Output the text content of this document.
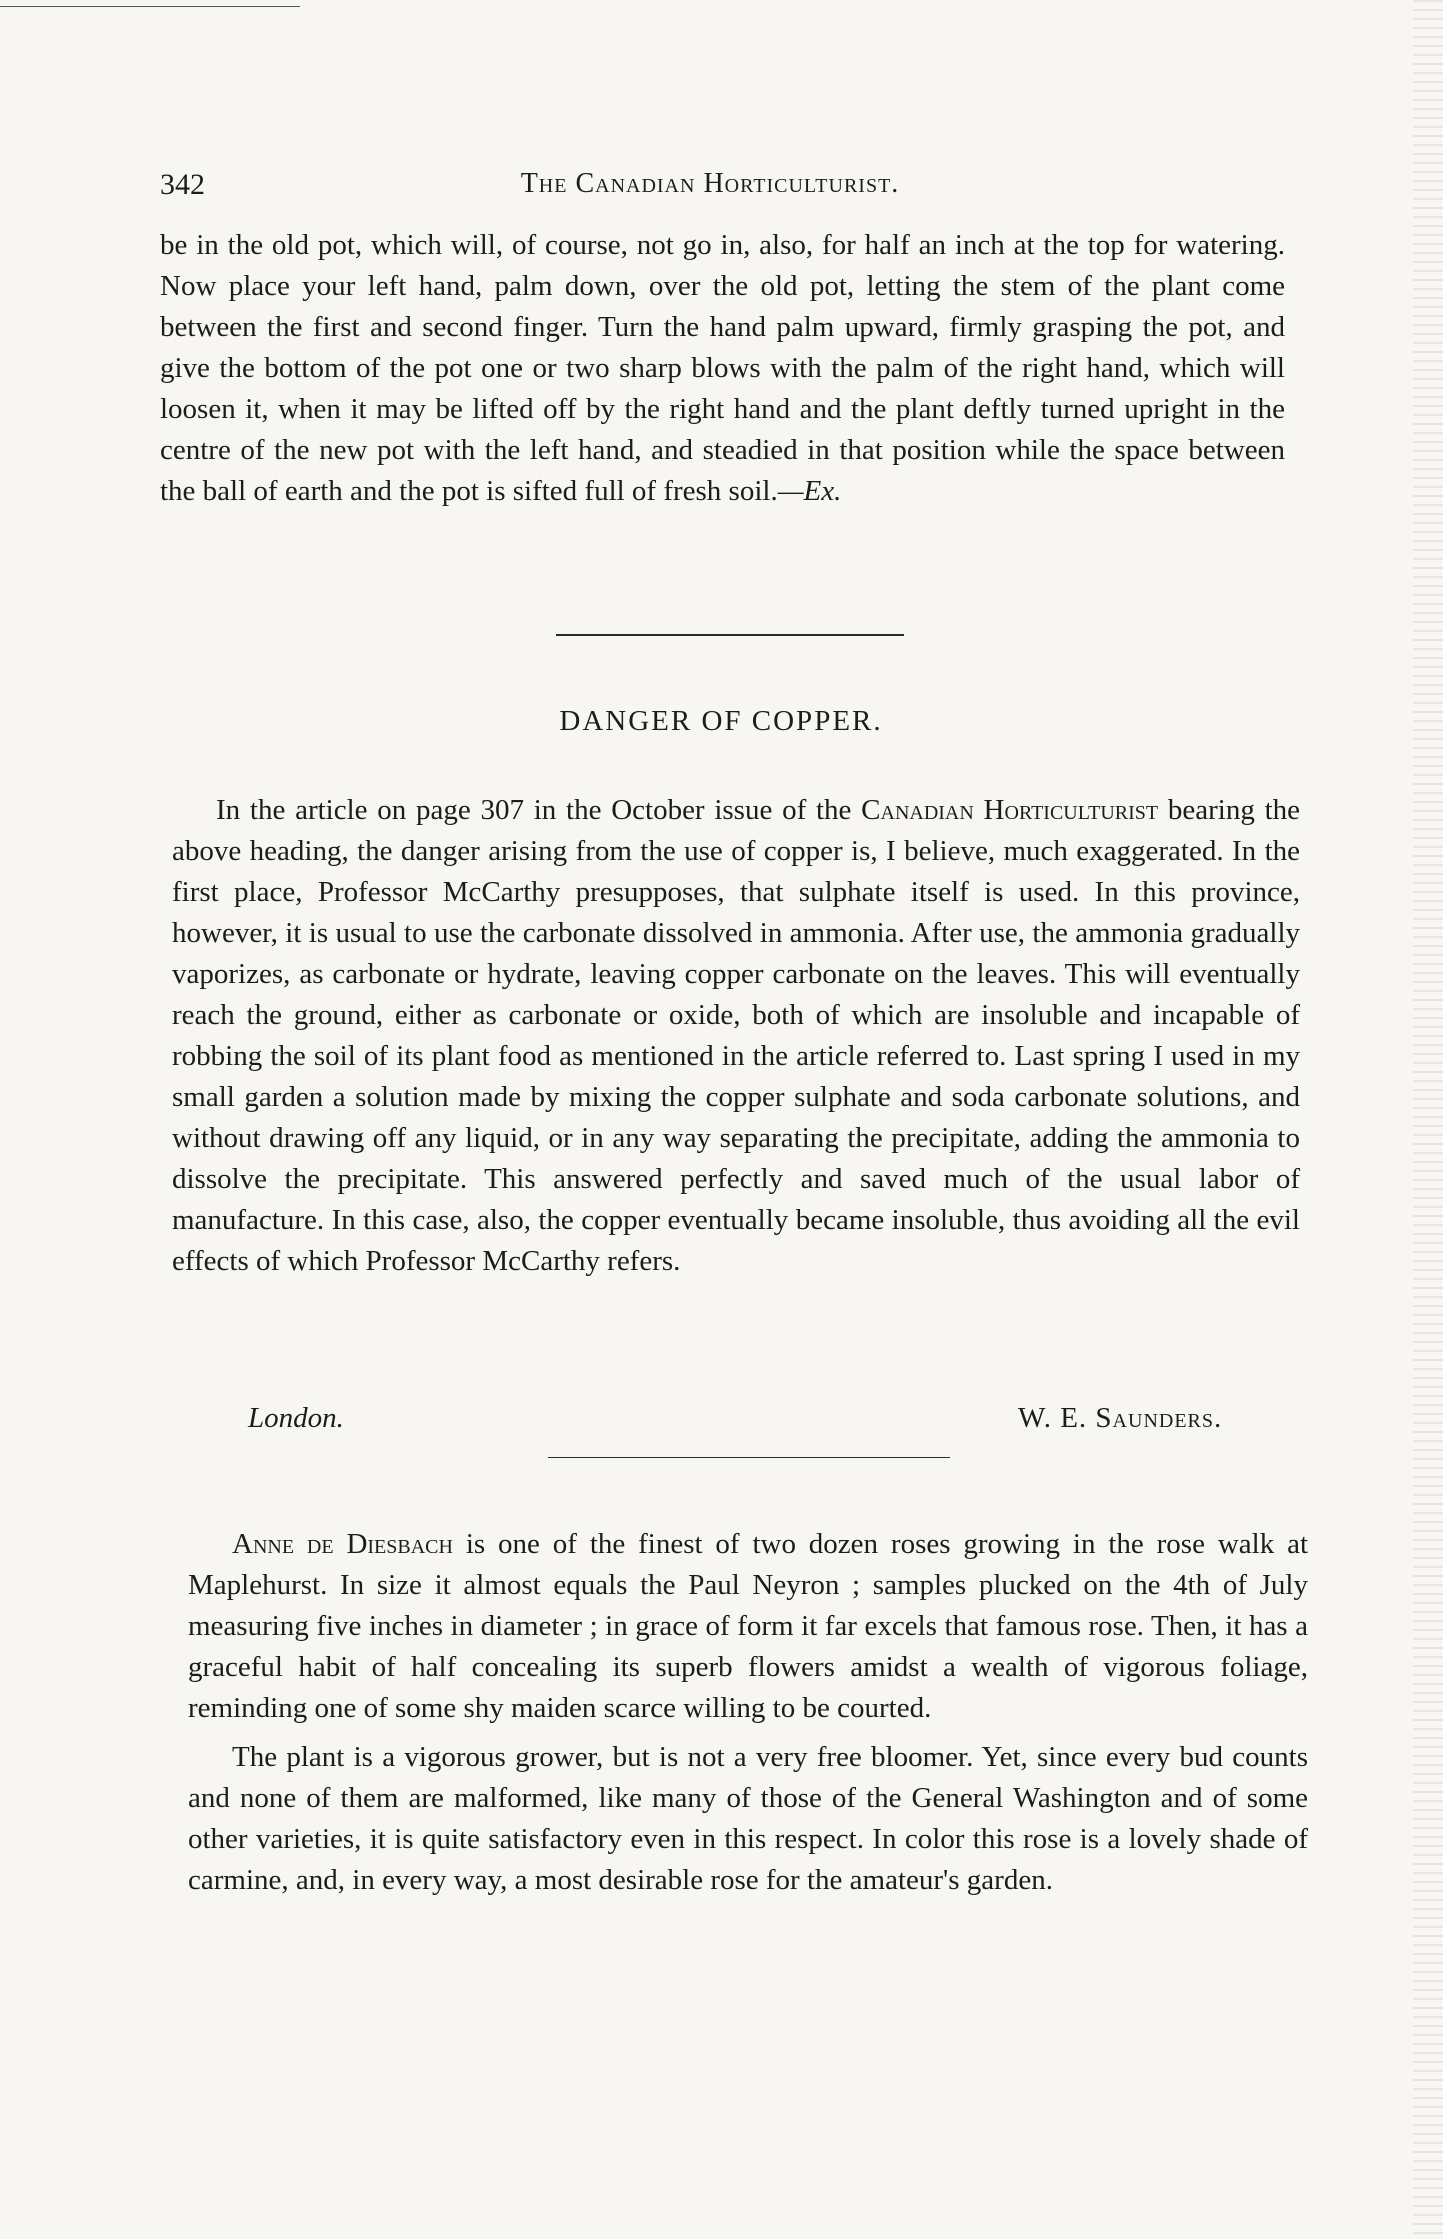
342	The Canadian Horticulturist.

be in the old pot, which will, of course, not go in, also, for half an inch at the top for watering. Now place your left hand, palm down, over the old pot, letting the stem of the plant come between the first and second finger. Turn the hand palm upward, firmly grasping the pot, and give the bottom of the pot one or two sharp blows with the palm of the right hand, which will loosen it, when it may be lifted off by the right hand and the plant deftly turned upright in the centre of the new pot with the left hand, and steadied in that position while the space between the ball of earth and the pot is sifted full of fresh soil.—Ex.

DANGER OF COPPER.

In the article on page 307 in the October issue of the Canadian Horticulturist bearing the above heading, the danger arising from the use of copper is, I believe, much exaggerated. In the first place, Professor McCarthy presupposes, that sulphate itself is used. In this province, however, it is usual to use the carbonate dissolved in ammonia. After use, the ammonia gradually vaporizes, as carbonate or hydrate, leaving copper carbonate on the leaves. This will eventually reach the ground, either as carbonate or oxide, both of which are insoluble and incapable of robbing the soil of its plant food as mentioned in the article referred to. Last spring I used in my small garden a solution made by mixing the copper sulphate and soda carbonate solutions, and without drawing off any liquid, or in any way separating the precipitate, adding the ammonia to dissolve the precipitate. This answered perfectly and saved much of the usual labor of manufacture. In this case, also, the copper eventually became insoluble, thus avoiding all the evil effects of which Professor McCarthy refers.

London.	W. E. Saunders.

Anne de Diesbach is one of the finest of two dozen roses growing in the rose walk at Maplehurst. In size it almost equals the Paul Neyron ; samples plucked on the 4th of July measuring five inches in diameter ; in grace of form it far excels that famous rose. Then, it has a graceful habit of half concealing its superb flowers amidst a wealth of vigorous foliage, reminding one of some shy maiden scarce willing to be courted.

The plant is a vigorous grower, but is not a very free bloomer. Yet, since every bud counts and none of them are malformed, like many of those of the General Washington and of some other varieties, it is quite satisfactory even in this respect. In color this rose is a lovely shade of carmine, and, in every way, a most desirable rose for the amateur's garden.
